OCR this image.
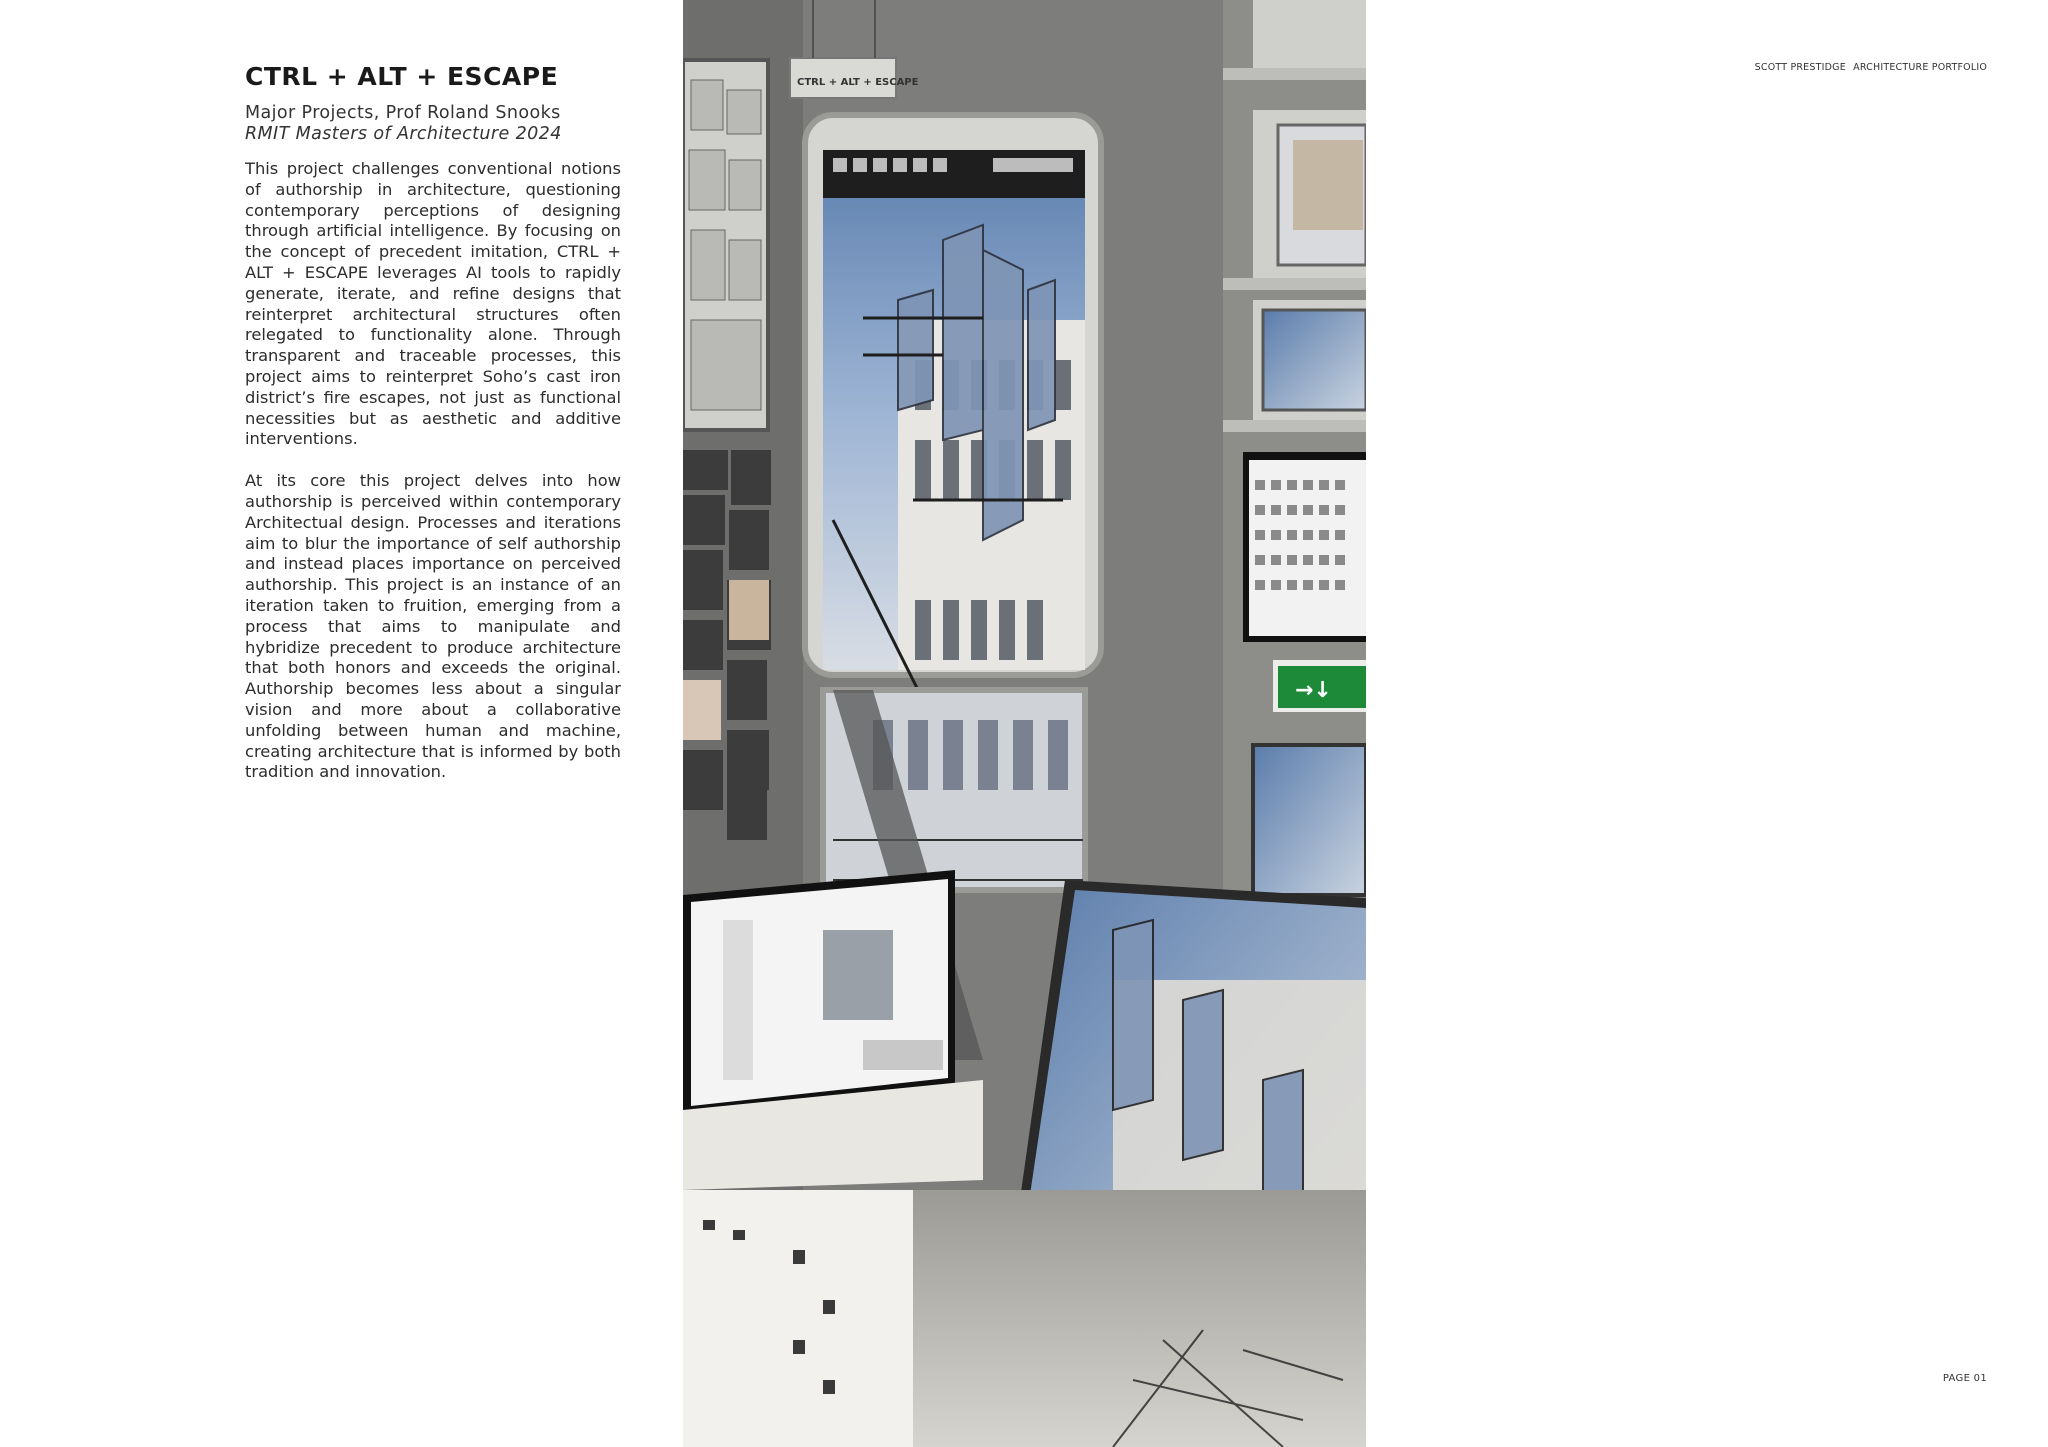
CTRL + ALT + ESCAPE

Major Projects, Prof Roland Snooks

RMIT Masters of Architecture 2024

This project challenges conventional notions of authorship in architecture, questioning contemporary perceptions of designing through artificial intelligence. By focusing on the concept of precedent imitation, CTRL + ALT + ESCAPE leverages AI tools to rapidly generate, iterate, and refine designs that reinterpret architectural structures often relegated to functionality alone. Through transparent and traceable processes, this project aims to reinterpret Soho’s cast iron district’s fire escapes, not just as functional necessities but as aesthetic and additive interventions.

At its core this project delves into how authorship is perceived within contemporary Architectual design. Processes and iterations aim to blur the importance of self authorship and instead places importance on perceived authorship. This project is an instance of an iteration taken to fruition, emerging from a process that aims to manipulate and hybridize precedent to produce architecture that both honors and exceeds the original. Authorship becomes less about a singular vision and more about a collaborative unfolding between human and machine, creating architecture that is informed by both tradition and innovation.

SCOTT PRESTIDGE ARCHITECTURE PORTFOLIO
CTRL + ALT + ESCAPE
→↓
PAGE 01
